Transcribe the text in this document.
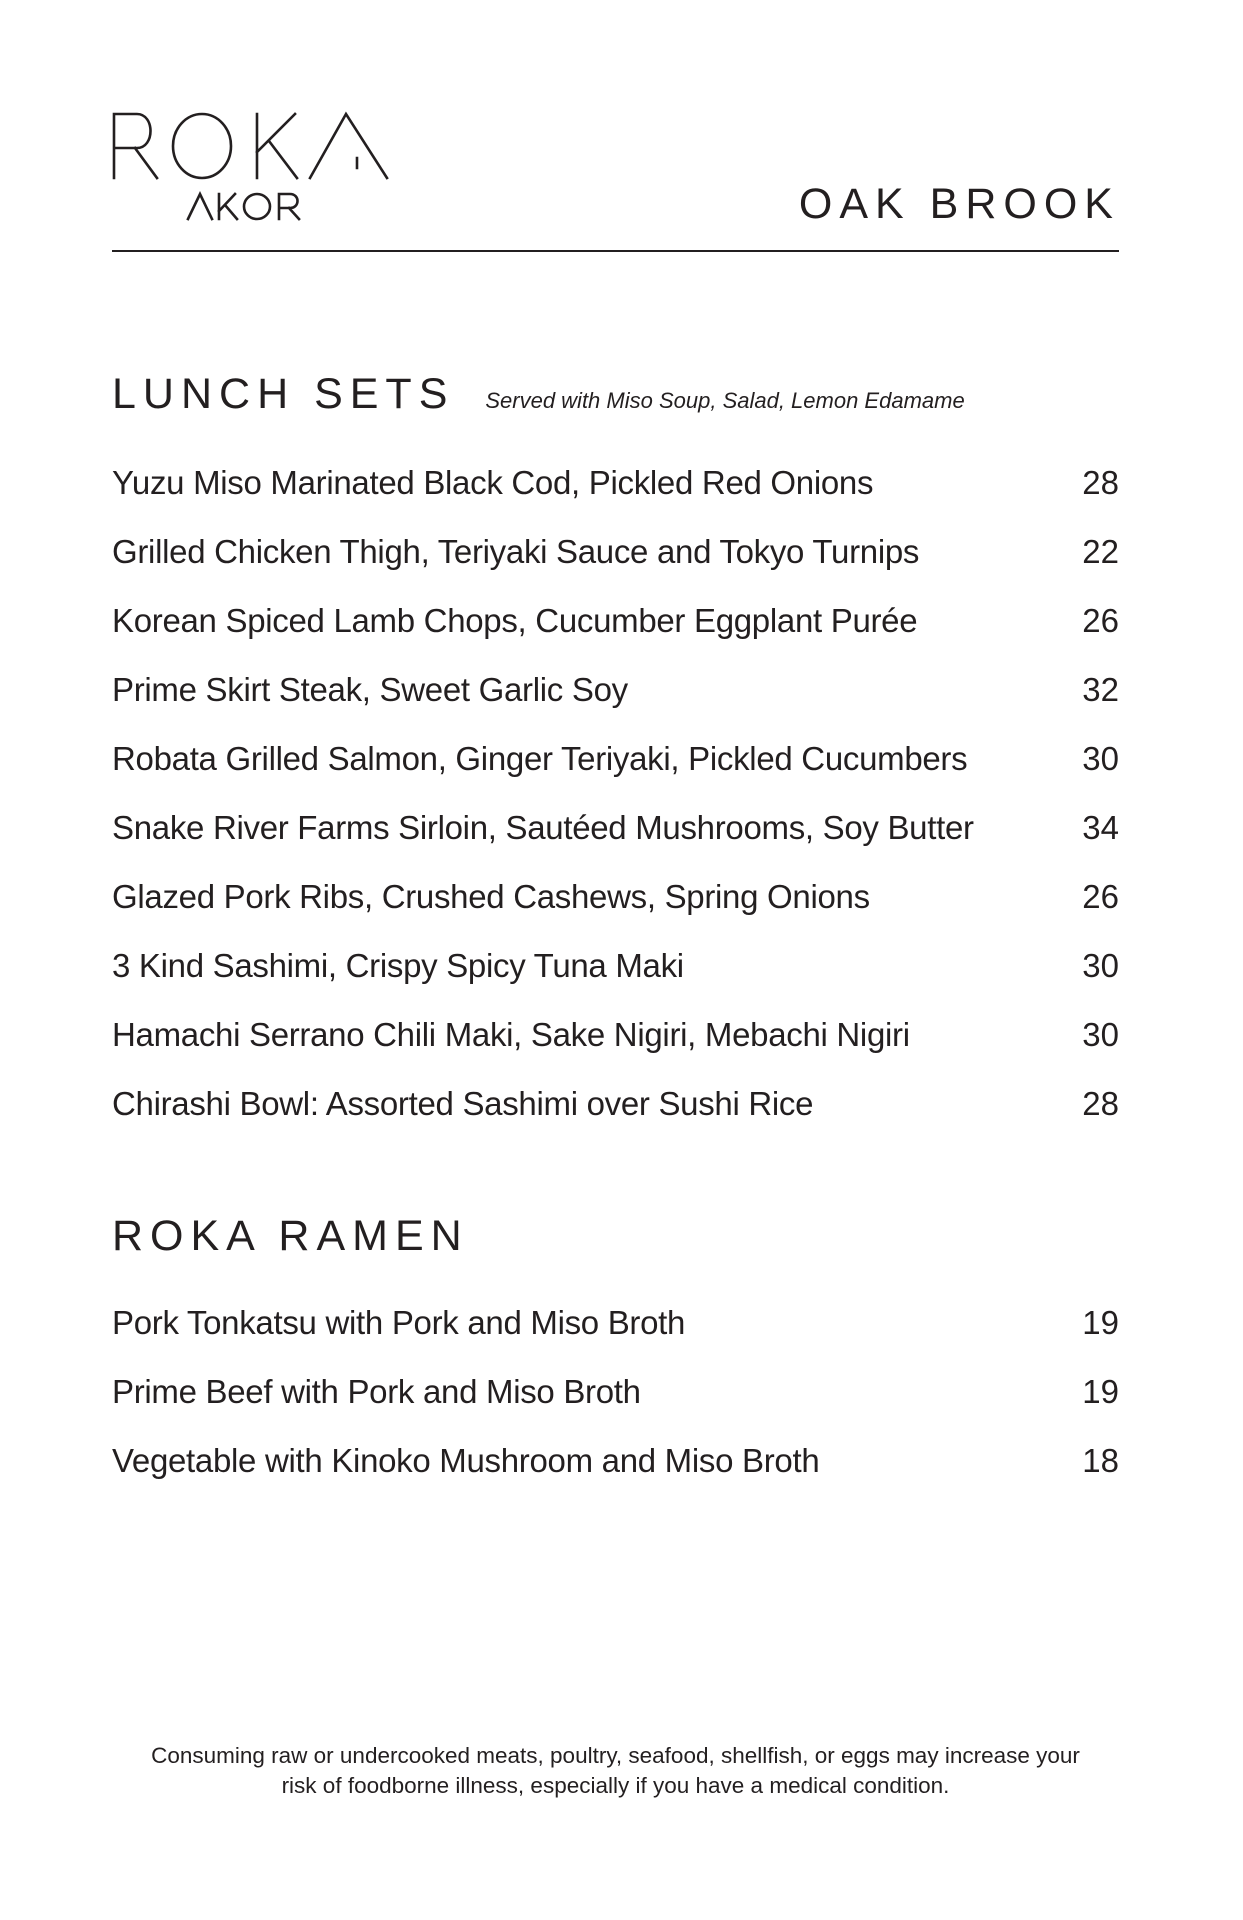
OAK BROOK
LUNCH SETS Served with Miso Soup, Salad, Lemon Edamame
Yuzu Miso Marinated Black Cod, Pickled Red Onions	28
Grilled Chicken Thigh, Teriyaki Sauce and Tokyo Turnips	22
Korean Spiced Lamb Chops, Cucumber Eggplant Purée	26
Prime Skirt Steak, Sweet Garlic Soy	32
Robata Grilled Salmon, Ginger Teriyaki, Pickled Cucumbers	30
Snake River Farms Sirloin, Sautéed Mushrooms, Soy Butter	34
Glazed Pork Ribs, Crushed Cashews, Spring Onions	26
3 Kind Sashimi, Crispy Spicy Tuna Maki	30
Hamachi Serrano Chili Maki, Sake Nigiri, Mebachi Nigiri	30
Chirashi Bowl: Assorted Sashimi over Sushi Rice	28
ROKA RAMEN
Pork Tonkatsu with Pork and Miso Broth	19
Prime Beef with Pork and Miso Broth	19
Vegetable with Kinoko Mushroom and Miso Broth	18
Consuming raw or undercooked meats, poultry, seafood, shellfish, or eggs may increase your
risk of foodborne illness, especially if you have a medical condition.
